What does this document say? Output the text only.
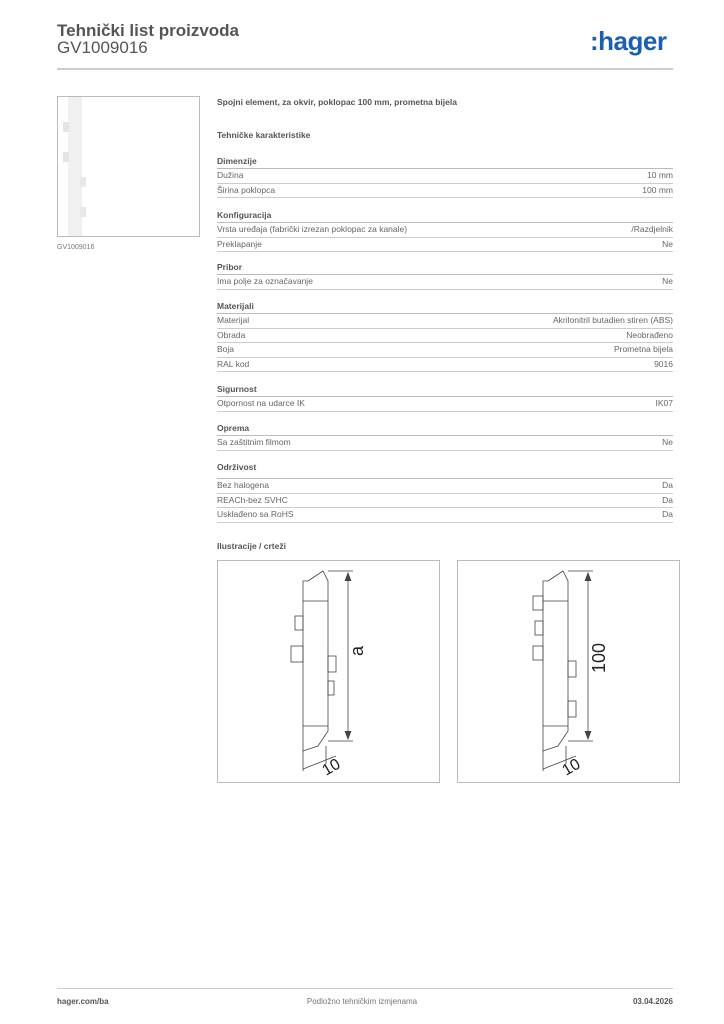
Tehnički list proizvoda
GV1009016	:hager
GV1009016
Spojni element, za okvir, poklopac 100 mm, prometna bijela
Tehničke karakteristike
Dimenzije
Dužina	10 mm
Širina poklopca	100 mm
Konfiguracija
Vrsta uređaja (fabrički izrezan poklopac za kanale)	/Razdjelnik
Preklapanje	Ne
Pribor
Ima polje za označavanje	Ne
Materijali
Materijal	Akrilonitril butadien stiren (ABS)
Obrada	Neobrađeno
Boja	Prometna bijela
RAL kod	9016
Sigurnost
Otpornost na udarce IK	IK07
Oprema
Sa zaštitnim filmom	Ne
Održivost
Bez halogena	Da
REACh-bez SVHC	Da
Usklađeno sa RoHS	Da
Ilustracije / crteži
a
10
100
10
hager.com/ba	Podložno tehničkim izmjenama	03.04.2026
